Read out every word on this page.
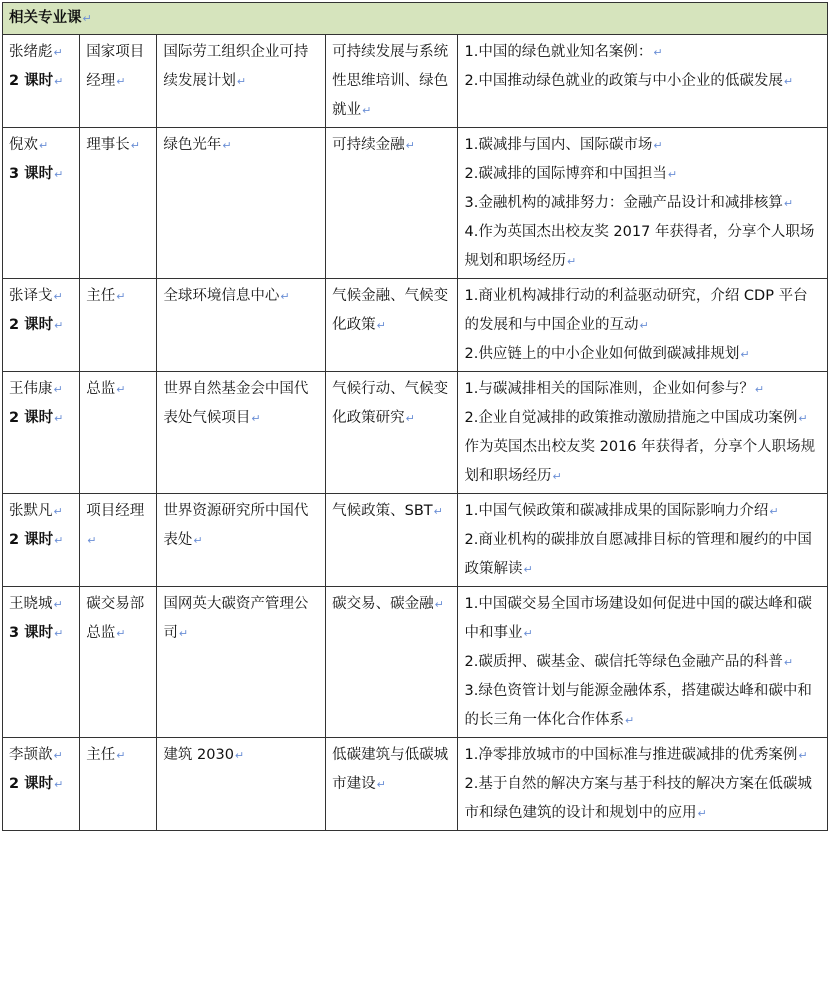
相关专业课↵				

张绪彪↵
2 课时↵	国家项目经理↵	国际劳工组织企业可持续发展计划↵	可持续发展与系统性思维培训、绿色就业↵	1.中国的绿色就业知名案例：↵
2.中国推动绿色就业的政策与中小企业的低碳发展↵

倪欢↵
3 课时↵	理事长↵	绿色光年↵	可持续金融↵	1.碳减排与国内、国际碳市场↵
2.碳减排的国际博弈和中国担当↵
3.金融机构的减排努力：金融产品设计和减排核算↵
4.作为英国杰出校友奖 2017 年获得者，分享个人职场规划和职场经历↵

张译戈↵
2 课时↵	主任↵	全球环境信息中心↵	气候金融、气候变化政策↵	1.商业机构减排行动的利益驱动研究，介绍 CDP 平台的发展和与中国企业的互动↵
2.供应链上的中小企业如何做到碳减排规划↵

王伟康↵
2 课时↵	总监↵	世界自然基金会中国代表处气候项目↵	气候行动、气候变化政策研究↵	1.与碳减排相关的国际准则，企业如何参与？↵
2.企业自觉减排的政策推动激励措施之中国成功案例↵
作为英国杰出校友奖 2016 年获得者，分享个人职场规划和职场经历↵

张默凡↵
2 课时↵	项目经理↵	世界资源研究所中国代表处↵	气候政策、SBT↵	1.中国气候政策和碳减排成果的国际影响力介绍↵
2.商业机构的碳排放自愿减排目标的管理和履约的中国政策解读↵

王晓城↵
3 课时↵	碳交易部总监↵	国网英大碳资产管理公司↵	碳交易、碳金融↵	1.中国碳交易全国市场建设如何促进中国的碳达峰和碳中和事业↵
2.碳质押、碳基金、碳信托等绿色金融产品的科普↵
3.绿色资管计划与能源金融体系，搭建碳达峰和碳中和的长三角一体化合作体系↵

李颉歆↵
2 课时↵	主任↵	建筑 2030↵	低碳建筑与低碳城市建设↵	1.净零排放城市的中国标准与推进碳减排的优秀案例↵
2.基于自然的解决方案与基于科技的解决方案在低碳城市和绿色建筑的设计和规划中的应用↵
